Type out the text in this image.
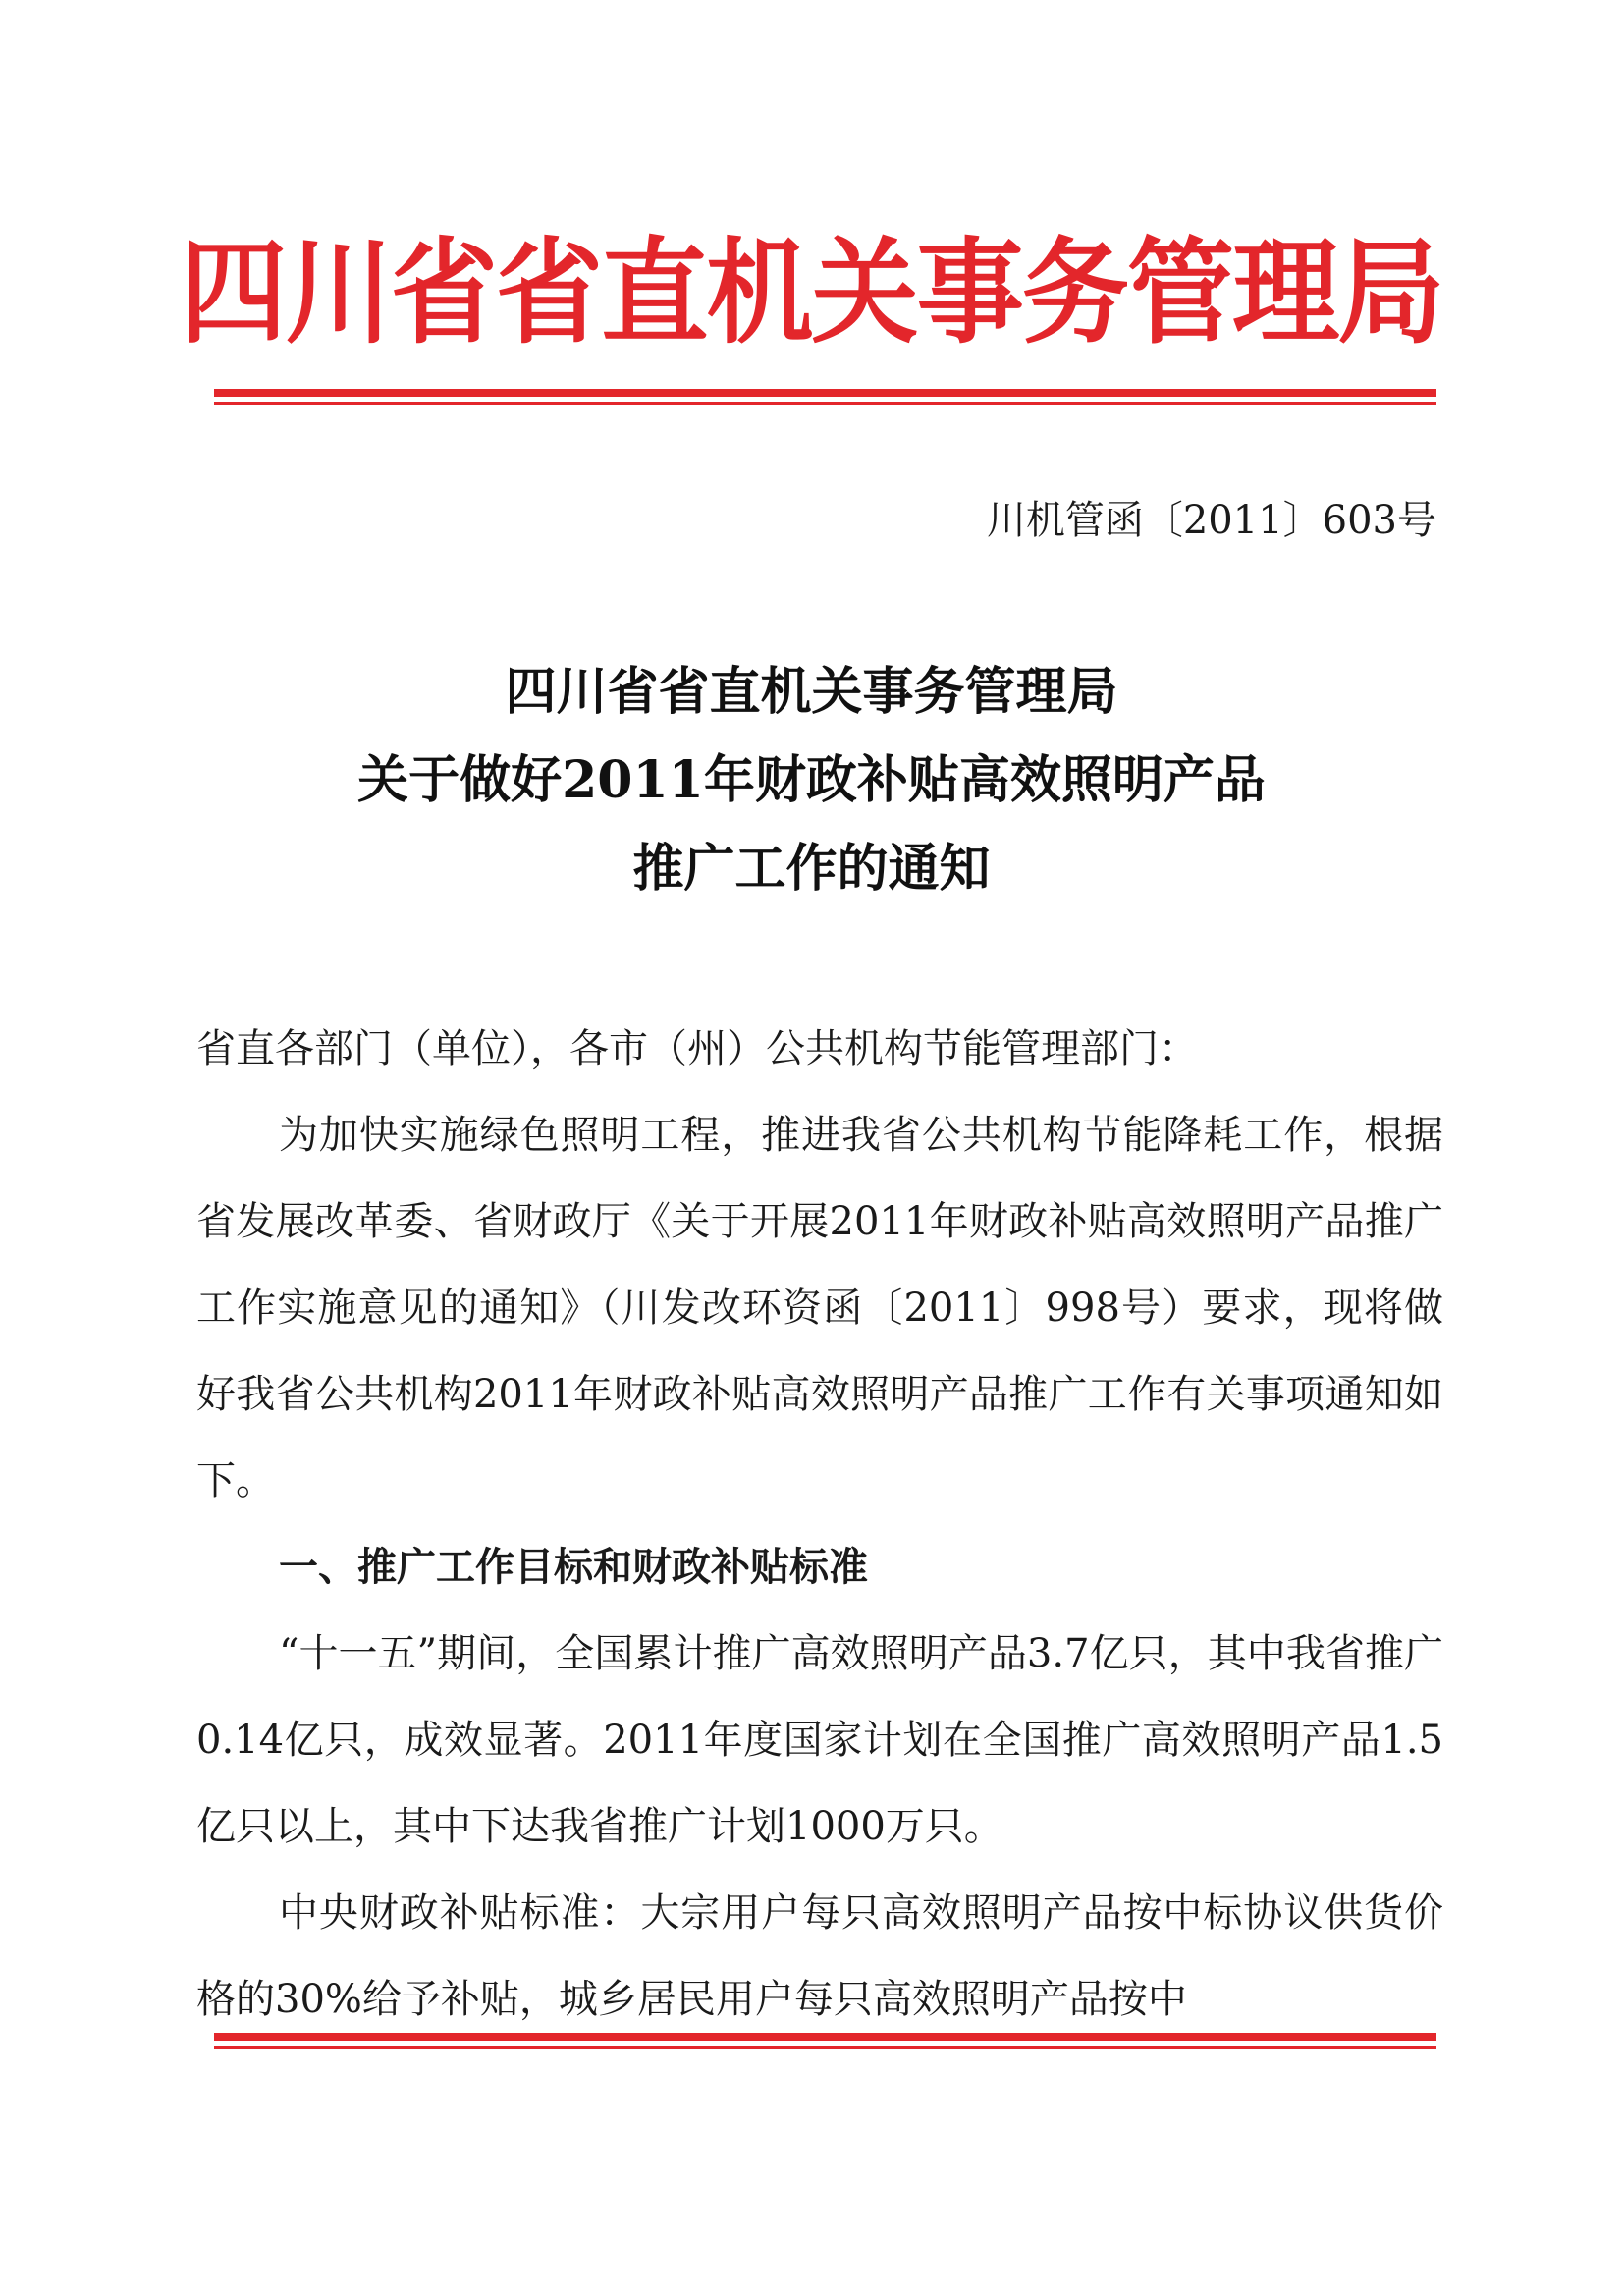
四川省省直机关事务管理局
川机管函〔2011〕603号
四川省省直机关事务管理局
关于做好2011年财政补贴高效照明产品
推广工作的通知

省直各部门（单位），各市（州）公共机构节能管理部门：

为加快实施绿色照明工程，推进我省公共机构节能降耗工作，根据省发展改革委、省财政厅《关于开展2011年财政补贴高效照明产品推广工作实施意见的通知》（川发改环资函〔2011〕998号）要求，现将做好我省公共机构2011年财政补贴高效照明产品推广工作有关事项通知如下。

一、推广工作目标和财政补贴标准

“十一五”期间，全国累计推广高效照明产品3.7亿只，其中我省推广0.14亿只，成效显著。2011年度国家计划在全国推广高效照明产品1.5亿只以上，其中下达我省推广计划1000万只。

中央财政补贴标准：大宗用户每只高效照明产品按中标协议供货价格的30%给予补贴，城乡居民用户每只高效照明产品按中
